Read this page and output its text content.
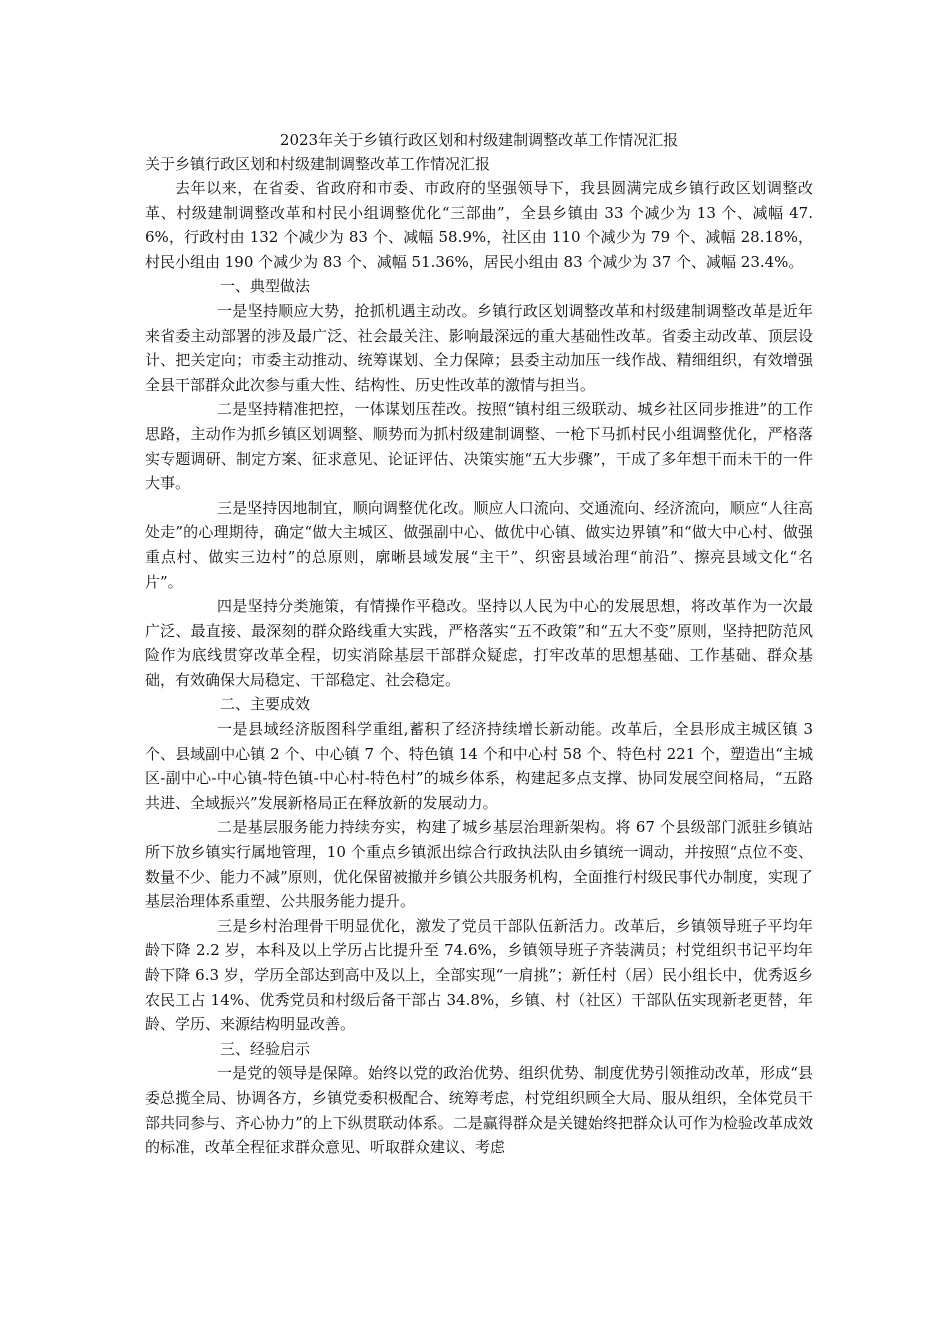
2023年关于乡镇行政区划和村级建制调整改革工作情况汇报

关于乡镇行政区划和村级建制调整改革工作情况汇报

去年以来，在省委、省政府和市委、市政府的坚强领导下，我县圆满完成乡镇行政区划调整改革、村级建制调整改革和村民小组调整优化“三部曲”，全县乡镇由 33 个减少为 13 个、减幅 47.6%，行政村由 132 个减少为 83 个、减幅 58.9%，社区由 110 个减少为 79 个、减幅 28.18%，村民小组由 190 个减少为 83 个、减幅 51.36%，居民小组由 83 个减少为 37 个、减幅 23.4%。

一、典型做法

一是坚持顺应大势，抢抓机遇主动改。乡镇行政区划调整改革和村级建制调整改革是近年来省委主动部署的涉及最广泛、社会最关注、影响最深远的重大基础性改革。省委主动改革、顶层设计、把关定向；市委主动推动、统筹谋划、全力保障；县委主动加压一线作战、精细组织，有效增强全县干部群众此次参与重大性、结构性、历史性改革的激情与担当。

二是坚持精准把控，一体谋划压茬改。按照“镇村组三级联动、城乡社区同步推进”的工作思路，主动作为抓乡镇区划调整、顺势而为抓村级建制调整、一枪下马抓村民小组调整优化，严格落实专题调研、制定方案、征求意见、论证评估、决策实施“五大步骤”，干成了多年想干而未干的一件大事。

三是坚持因地制宜，顺向调整优化改。顺应人口流向、交通流向、经济流向，顺应“人往高处走”的心理期待，确定“做大主城区、做强副中心、做优中心镇、做实边界镇”和“做大中心村、做强重点村、做实三边村”的总原则，廓晰县域发展“主干”、织密县域治理“前沿”、擦亮县域文化“名片”。

四是坚持分类施策，有情操作平稳改。坚持以人民为中心的发展思想，将改革作为一次最广泛、最直接、最深刻的群众路线重大实践，严格落实“五不政策”和“五大不变”原则，坚持把防范风险作为底线贯穿改革全程，切实消除基层干部群众疑虑，打牢改革的思想基础、工作基础、群众基础，有效确保大局稳定、干部稳定、社会稳定。

二、主要成效

一是县域经济版图科学重组,蓄积了经济持续增长新动能。改革后，全县形成主城区镇 3 个、县域副中心镇 2 个、中心镇 7 个、特色镇 14 个和中心村 58 个、特色村 221 个，塑造出“主城区-副中心-中心镇-特色镇-中心村-特色村”的城乡体系，构建起多点支撑、协同发展空间格局，“五路共进、全域振兴”发展新格局正在释放新的发展动力。

二是基层服务能力持续夯实，构建了城乡基层治理新架构。将 67 个县级部门派驻乡镇站所下放乡镇实行属地管理，10 个重点乡镇派出综合行政执法队由乡镇统一调动，并按照“点位不变、数量不少、能力不减”原则，优化保留被撤并乡镇公共服务机构，全面推行村级民事代办制度，实现了基层治理体系重塑、公共服务能力提升。

三是乡村治理骨干明显优化，激发了党员干部队伍新活力。改革后，乡镇领导班子平均年龄下降 2.2 岁，本科及以上学历占比提升至 74.6%，乡镇领导班子齐装满员；村党组织书记平均年龄下降 6.3 岁，学历全部达到高中及以上，全部实现“一肩挑”；新任村（居）民小组长中，优秀返乡农民工占 14%、优秀党员和村级后备干部占 34.8%，乡镇、村（社区）干部队伍实现新老更替，年龄、学历、来源结构明显改善。

三、经验启示

一是党的领导是保障。始终以党的政治优势、组织优势、制度优势引领推动改革，形成“县委总揽全局、协调各方，乡镇党委积极配合、统筹考虑，村党组织顾全大局、服从组织，全体党员干部共同参与、齐心协力”的上下纵贯联动体系。二是赢得群众是关键始终把群众认可作为检验改革成效的标准，改革全程征求群众意见、听取群众建议、考虑
